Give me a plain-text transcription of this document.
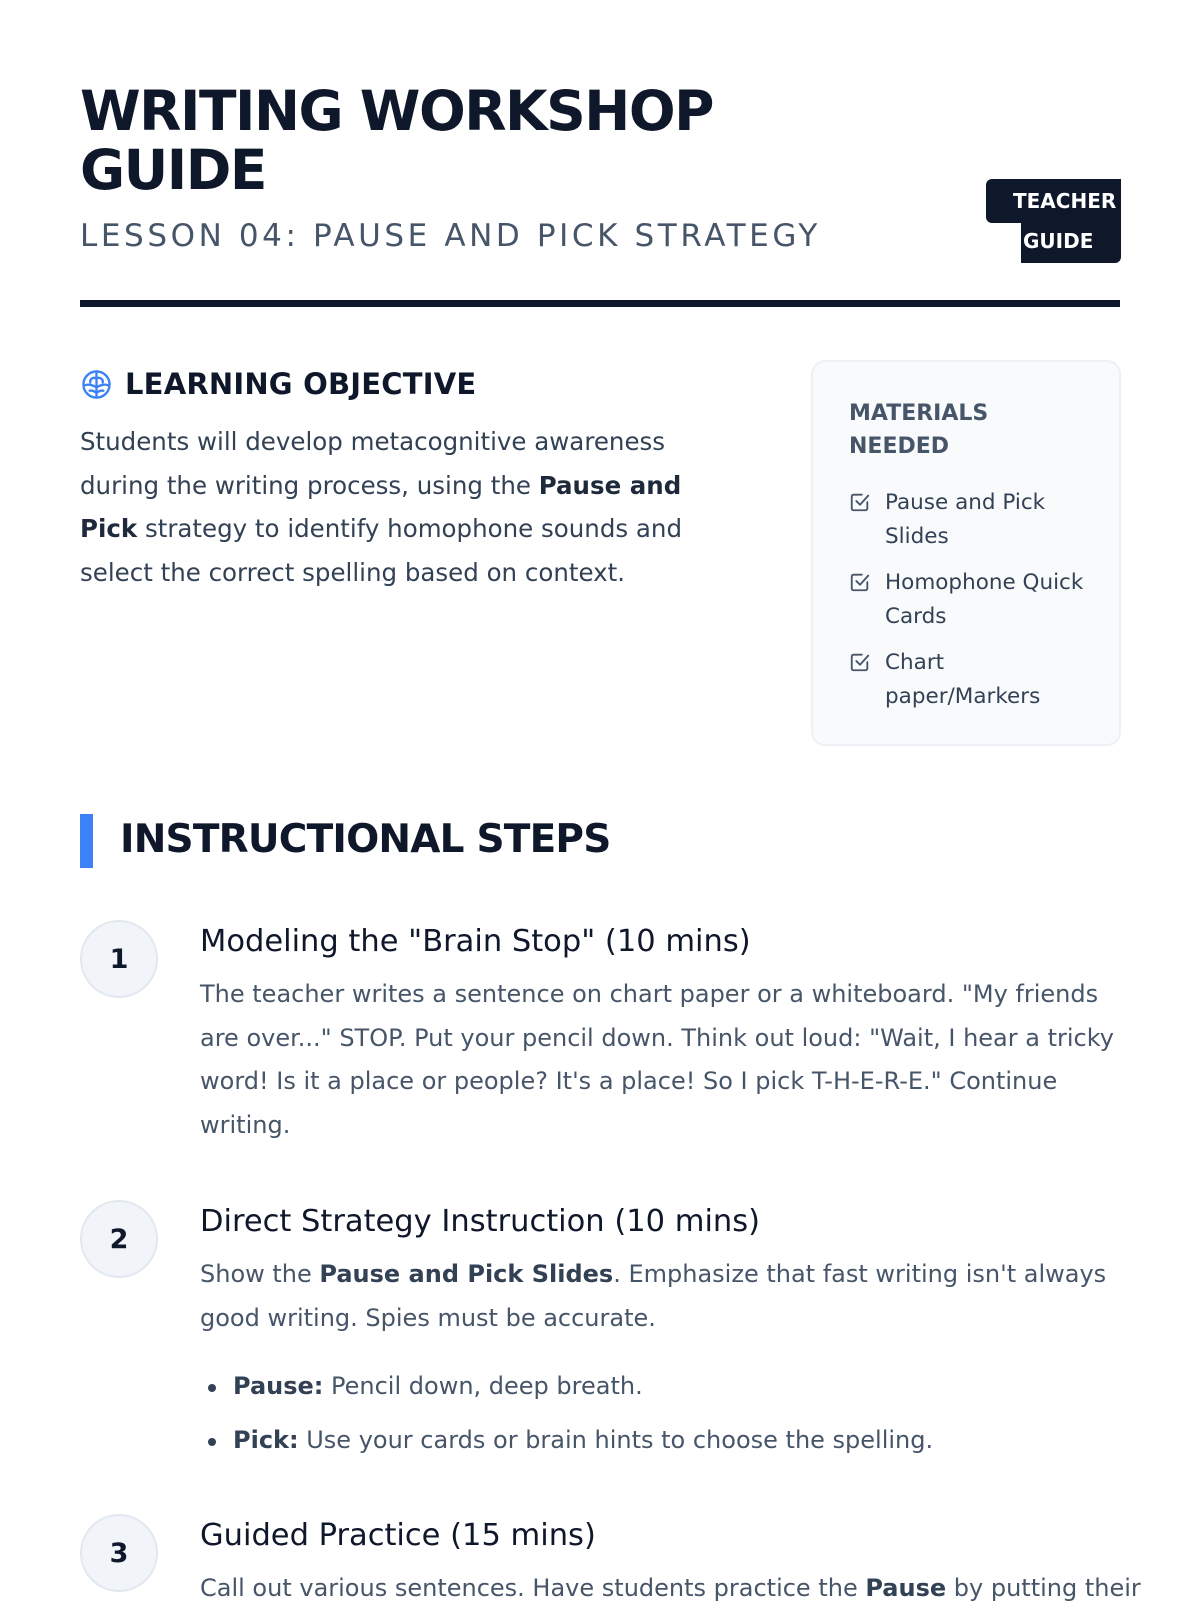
WRITING WORKSHOP GUIDE

LESSON 04: PAUSE AND PICK STRATEGY

TEACHER
GUIDE
LEARNING OBJECTIVE

Students will develop metacognitive awareness during the writing process, using the Pause and Pick strategy to identify homophone sounds and select the correct spelling based on context.

MATERIALS NEEDED

Pause and Pick Slides
Homophone Quick Cards
Chart paper/Markers
INSTRUCTIONAL STEPS
1	Modeling the "Brain Stop" (10 mins)

The teacher writes a sentence on chart paper or a whiteboard. "My friends are over..." STOP. Put your pencil down. Think out loud: "Wait, I hear a tricky word! Is it a place or people? It's a place! So I pick T-H-E-R-E." Continue writing.

2	Direct Strategy Instruction (10 mins)

Show the Pause and Pick Slides. Emphasize that fast writing isn't always good writing. Spies must be accurate.

Pause: Pencil down, deep breath.
Pick: Use your cards or brain hints to choose the spelling.
3	Guided Practice (15 mins)

Call out various sentences. Have students practice the Pause by putting their
